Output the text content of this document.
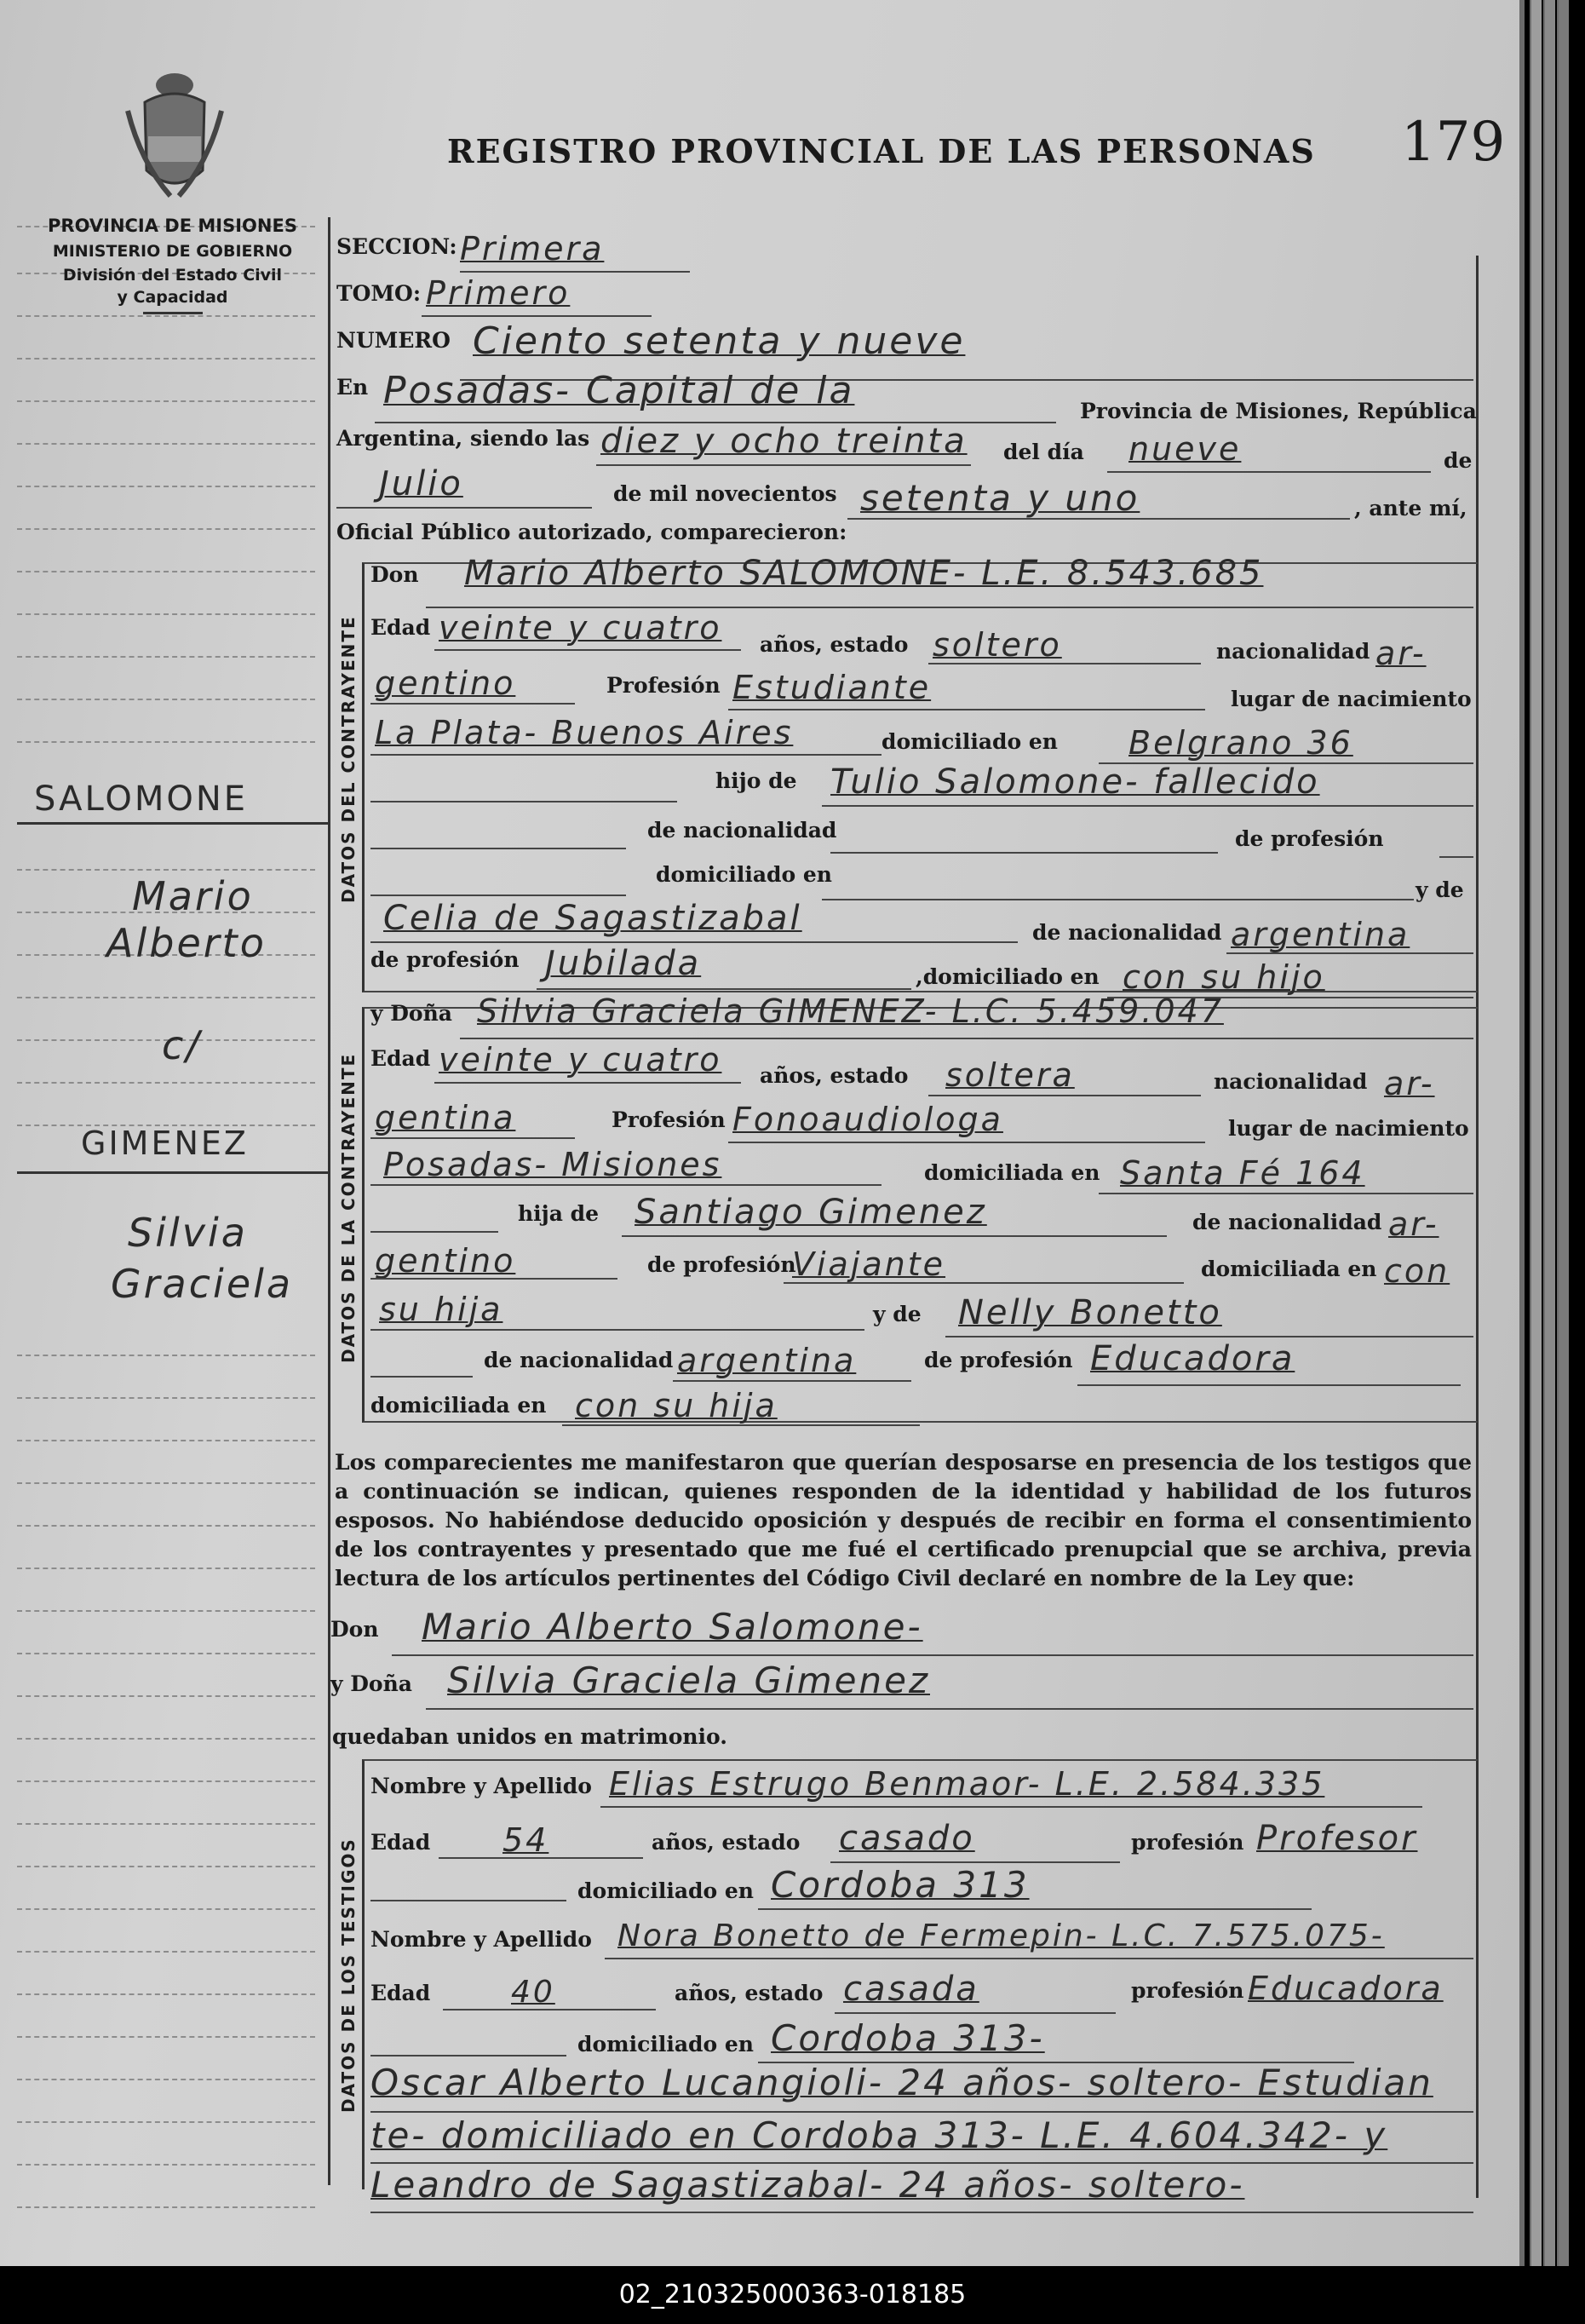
PROVINCIA DE MISIONES
MINISTERIO DE GOBIERNO
División del Estado Civil
y Capacidad
SALOMONE
Mario
Alberto
c/
GIMENEZ
Silvia
Graciela
REGISTRO PROVINCIAL DE LAS PERSONAS 179
SECCION: Primera
TOMO: Primero
NUMERO Ciento setenta y nueve
En Posadas- Capital de la	Provincia de Misiones, República
Argentina, siendo las diez y ocho treinta del día nueve	de
Julio	de mil novecientos setenta y uno	, ante mí,
Oficial Público autorizado, comparecieron:
DATOS DEL CONTRAYENTE
Don Mario Alberto SALOMONE- L.E. 8.543.685
Edad veinte y cuatro años, estado soltero	nacionalidad ar-
gentino	Profesión Estudiante	lugar de nacimiento
La Plata- Buenos Aires	domiciliado en Belgrano 36
hijo de Tulio Salomone- fallecido
de nacionalidad	de profesión
domiciliado en
y de
Celia de Sagastizabal	de nacionalidad argentina
de profesión Jubilada	,domiciliado en con su hijo
DATOS DE LA CONTRAYENTE
y Doña Silvia Graciela GIMENEZ- L.C. 5.459.047
Edad veinte y cuatro años, estado soltera	nacionalidad ar-
gentina	Profesión Fonoaudiologa	lugar de nacimiento
Posadas- Misiones	domiciliada en Santa Fé 164
hija de Santiago Gimenez	de nacionalidad ar-
gentino	de profesión
Viajante	domiciliada en con
su hija	y de Nelly Bonetto
de nacionalidad argentina	de profesión Educadora
domiciliada en con su hija
Los comparecientes me manifestaron que querían desposarse en presencia de los testigos que a continuación se indican, quienes responden de la identidad y habilidad de los futuros esposos. No habiéndose deducido oposición y después de recibir en forma el consentimiento de los contrayentes y presentado que me fué el certificado prenupcial que se archiva, previa lectura de los artículos pertinentes del Código Civil declaré en nombre de la Ley que:
Don Mario Alberto Salomone-
y Doña Silvia Graciela Gimenez
quedaban unidos en matrimonio.
DATOS DE LOS TESTIGOS
Nombre y Apellido Elias Estrugo Benmaor- L.E. 2.584.335
Edad 54	años, estado casado	profesión Profesor
domiciliado en Cordoba 313
Nombre y Apellido Nora Bonetto de Fermepin- L.C. 7.575.075-
Edad	40	años, estado casada	profesión Educadora
domiciliado en Cordoba 313-
Oscar Alberto Lucangioli- 24 años- soltero- Estudian
te- domiciliado en Cordoba 313- L.E. 4.604.342- y
Leandro de Sagastizabal- 24 años- soltero-
02_210325000363-018185
